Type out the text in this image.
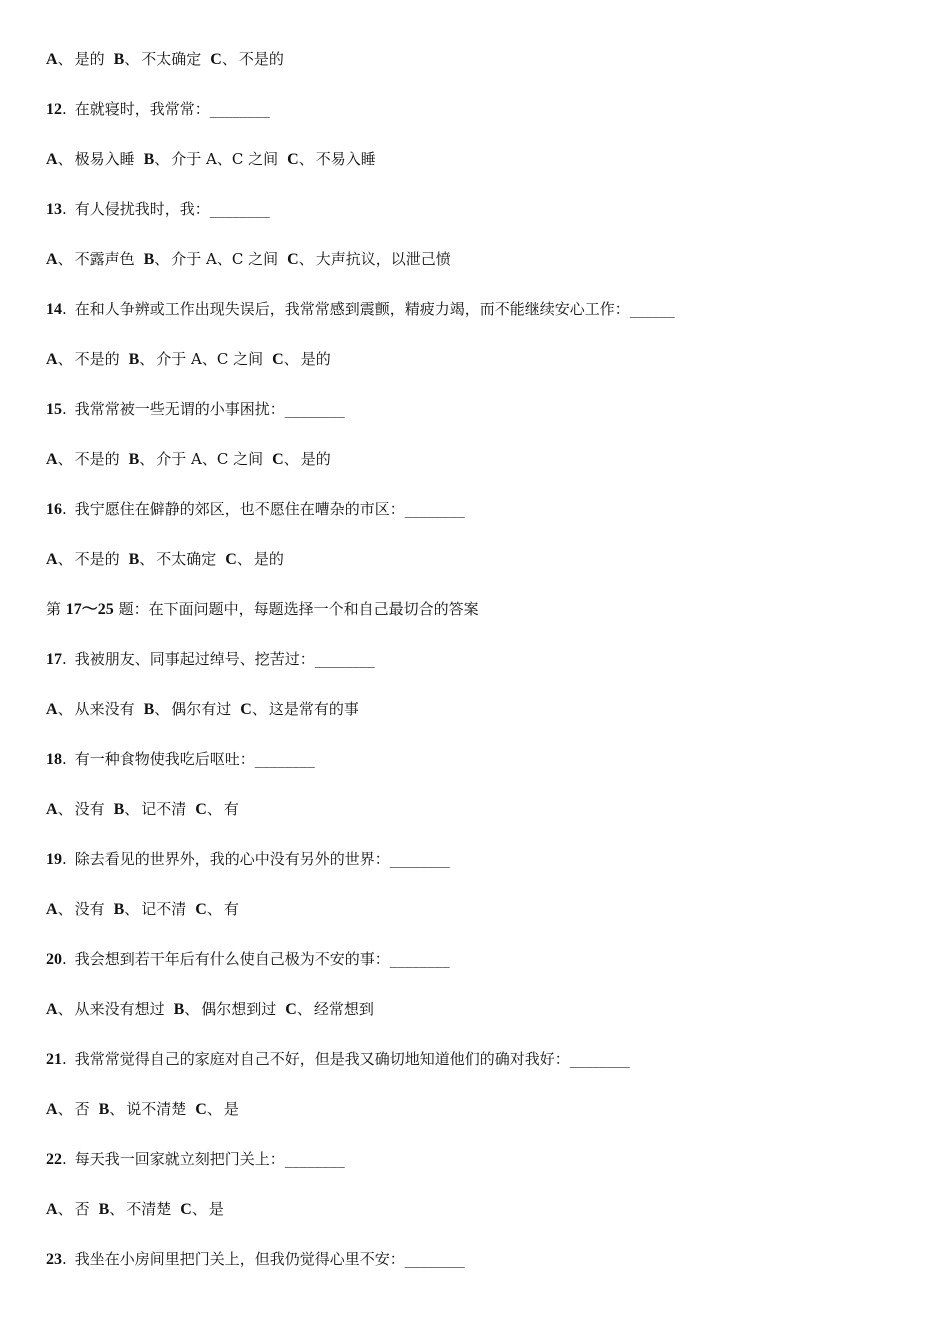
A、 是的 B、 不太确定 C、 不是的
12. 在就寝时，我常常：________
A、 极易入睡 B、 介于 A、C 之间 C、 不易入睡
13. 有人侵扰我时，我：________
A、 不露声色 B、 介于 A、C 之间 C、 大声抗议，以泄己愤
14. 在和人争辨或工作出现失误后，我常常感到震颤，精疲力竭，而不能继续安心工作：______
A、 不是的 B、 介于 A、C 之间 C、 是的
15. 我常常被一些无谓的小事困扰：________
A、 不是的 B、 介于 A、C 之间 C、 是的
16. 我宁愿住在僻静的郊区，也不愿住在嘈杂的市区：________
A、 不是的 B、 不太确定 C、 是的
第 17～25 题：在下面问题中，每题选择一个和自己最切合的答案
17. 我被朋友、同事起过绰号、挖苦过：________
A、 从来没有 B、 偶尔有过 C、 这是常有的事
18. 有一种食物使我吃后呕吐：________
A、 没有 B、 记不清 C、 有
19. 除去看见的世界外，我的心中没有另外的世界：________
A、 没有 B、 记不清 C、 有
20. 我会想到若干年后有什么使自己极为不安的事：________
A、 从来没有想过 B、 偶尔想到过 C、 经常想到
21. 我常常觉得自己的家庭对自己不好，但是我又确切地知道他们的确对我好：________
A、 否 B、 说不清楚 C、 是
22. 每天我一回家就立刻把门关上：________
A、 否 B、 不清楚 C、 是
23. 我坐在小房间里把门关上，但我仍觉得心里不安：________
